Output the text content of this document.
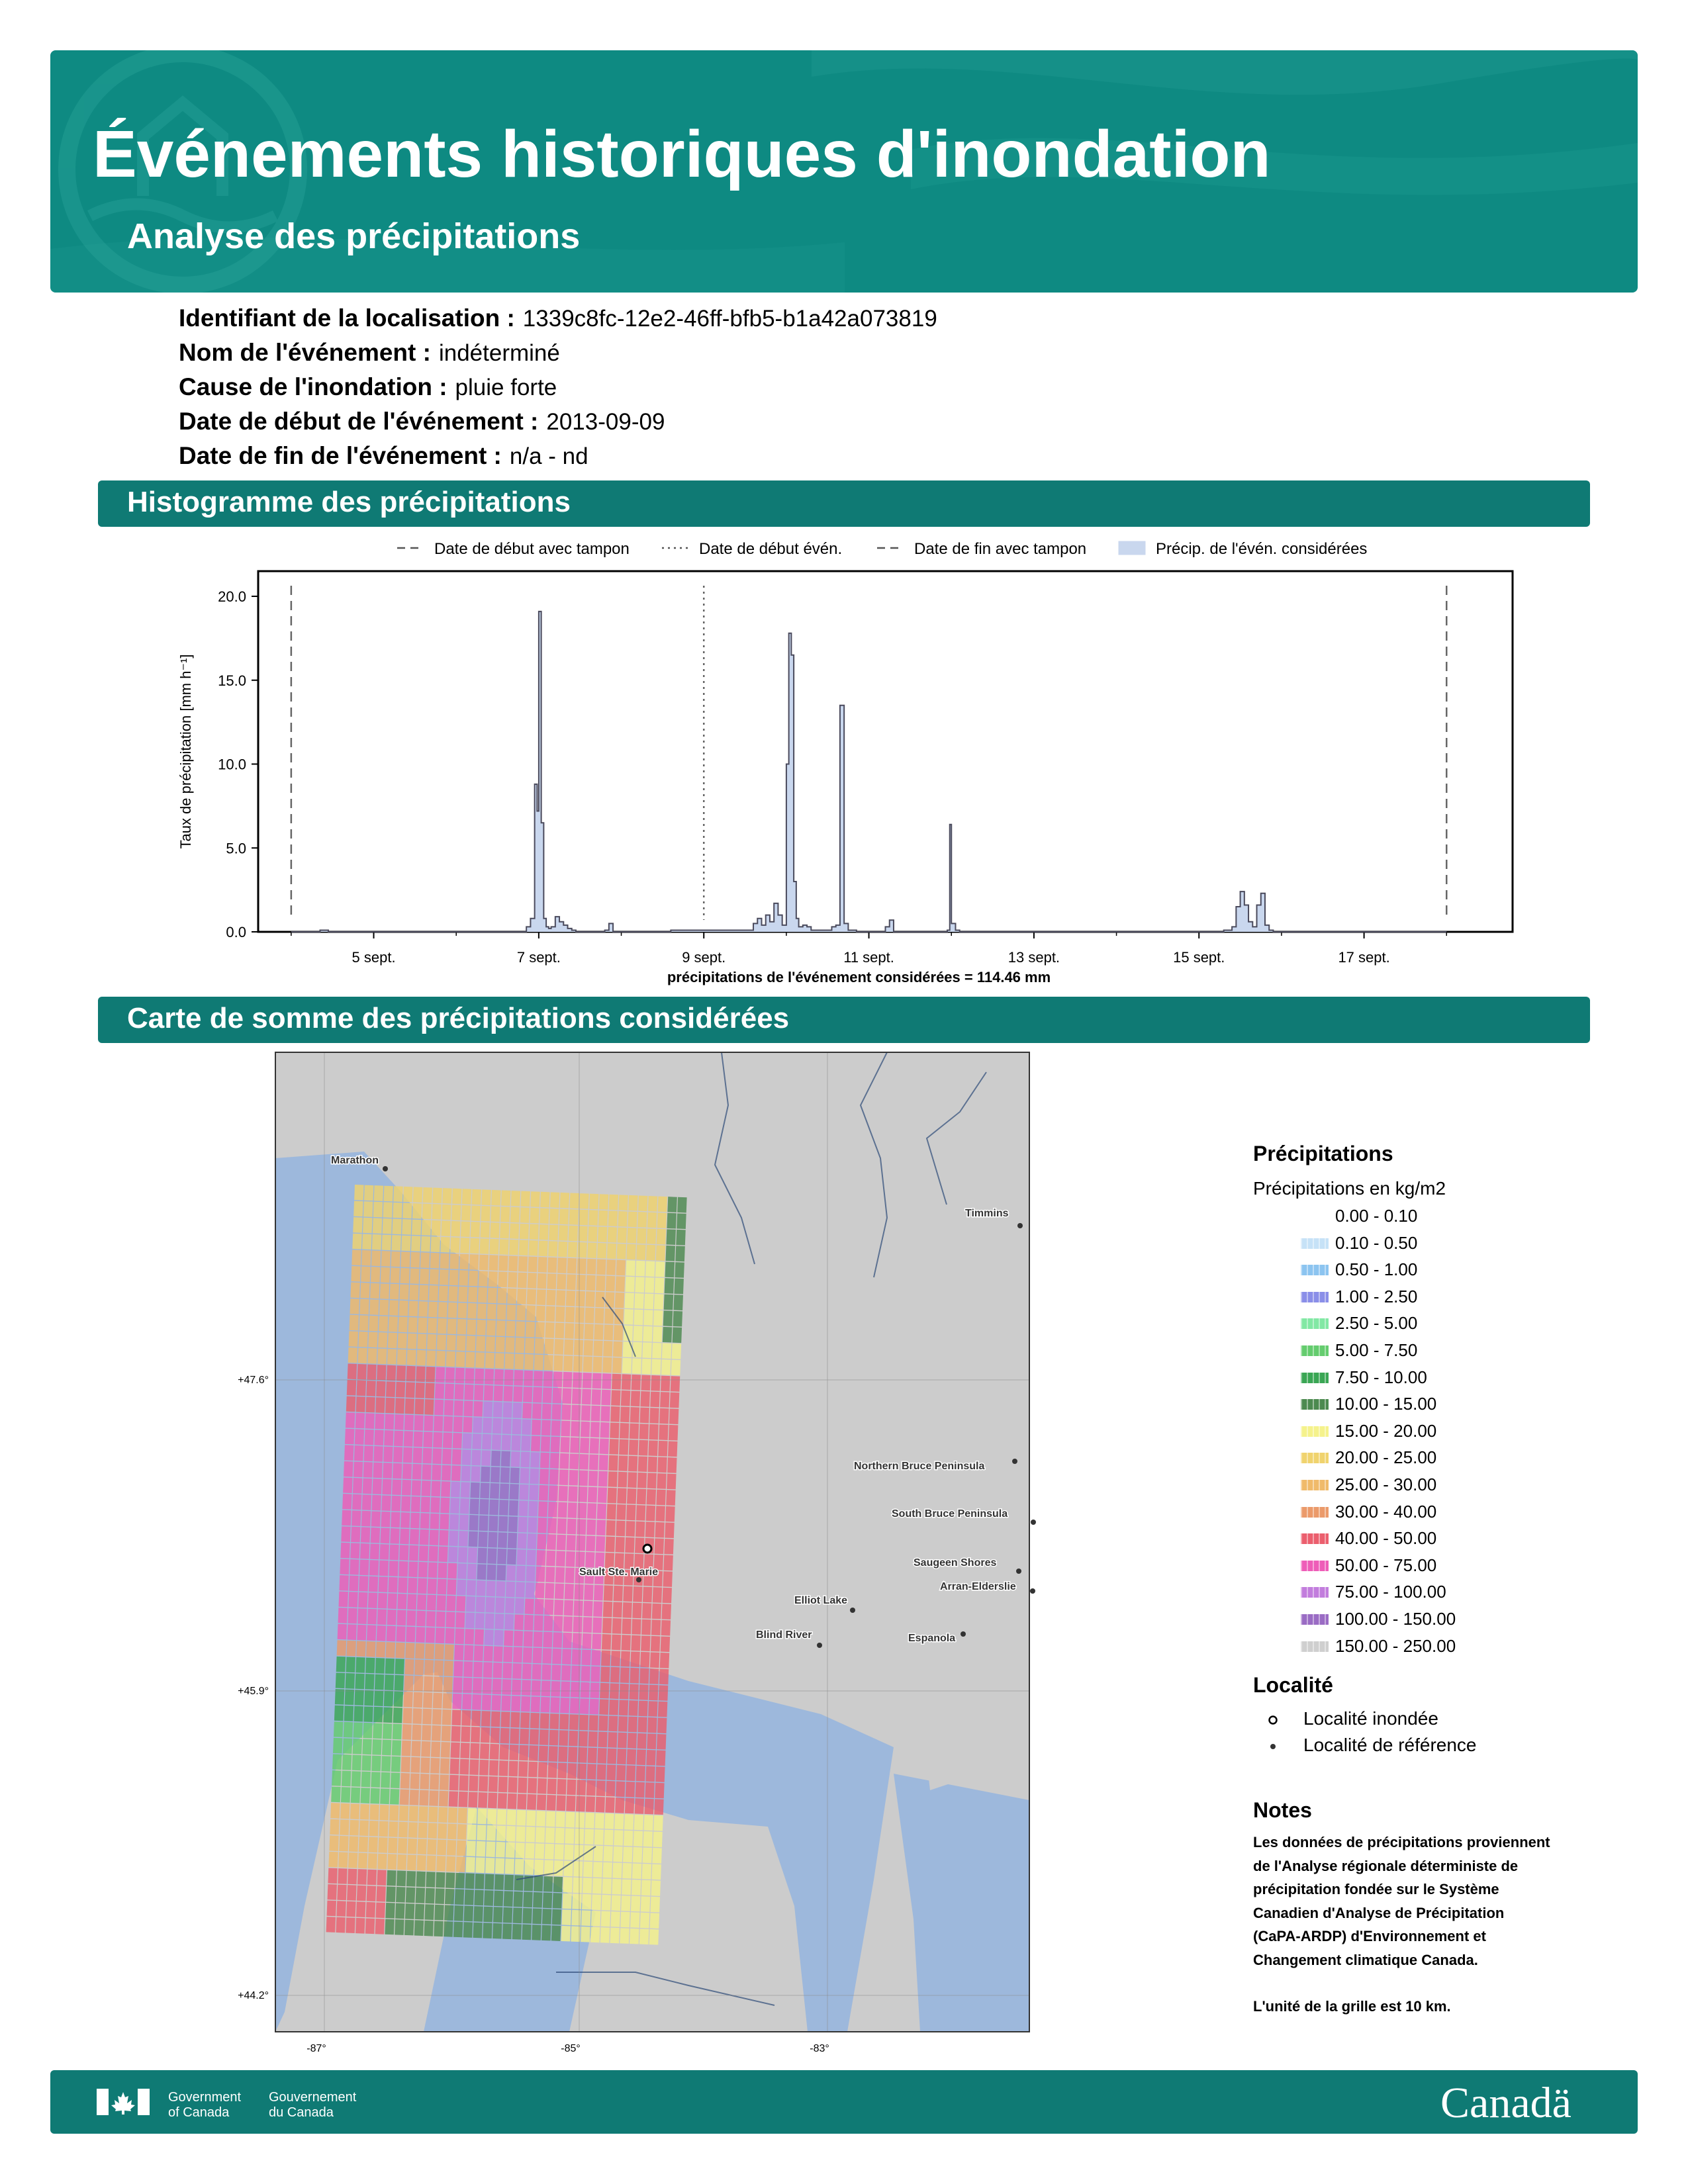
Événements historiques d'inondation
Analyse des précipitations
Identifiant de la localisation : 1339c8fc-12e2-46ff-bfb5-b1a42a073819
Nom de l'événement : indéterminé
Cause de l'inondation : pluie forte
Date de début de l'événement : 2013-09-09
Date de fin de l'événement : n/a - nd
Histogramme des précipitations
Date de début avec tampon	Date de début évén.	Date de fin avec tampon	Précip. de l'évén. considérées
0.0
5.0
10.0
15.0
20.0
5 sept.	7 sept.	9 sept.	11 sept.	13 sept.	15 sept.	17 sept.
Taux de précipitation [mm h⁻¹]
précipitations de l'événement considérées = 114.46 mm
Carte de somme des précipitations considérées
-87°	-85°	-83°
+47.6°
+45.9°
+44.2°
Marathon
Timmins
Sault Ste. Marie
Elliot Lake
Blind River	Espanola
Northern Bruce Peninsula
South Bruce Peninsula
Saugeen Shores
Arran-Elderslie
Précipitations
Précipitations en kg/m2
0.00 - 0.10
0.10 - 0.50
0.50 - 1.00
1.00 - 2.50
2.50 - 5.00
5.00 - 7.50
7.50 - 10.00
10.00 - 15.00
15.00 - 20.00
20.00 - 25.00
25.00 - 30.00
30.00 - 40.00
40.00 - 50.00
50.00 - 75.00
75.00 - 100.00
100.00 - 150.00
150.00 - 250.00
Localité
Localité inondée
Localité de référence
Notes
Les données de précipitations proviennent
de l'Analyse régionale déterministe de
précipitation fondée sur le Système
Canadien d'Analyse de Précipitation
(CaPA-ARDP) d'Environnement et
Changement climatique Canada.
L'unité de la grille est 10 km.
Government
of Canada
Gouvernement
du Canada	Canadä
